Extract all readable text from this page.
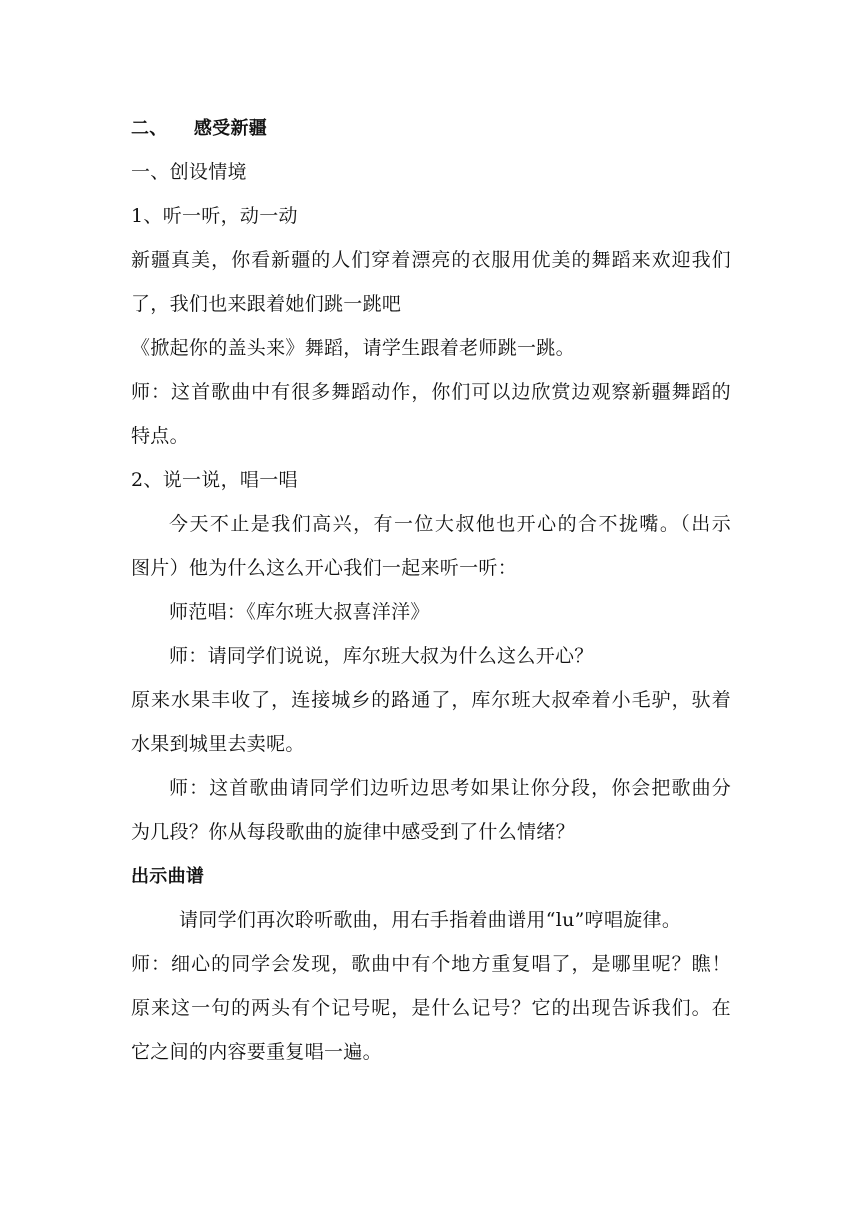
二、    感受新疆
一、创设情境
1、听一听，动一动
新疆真美，你看新疆的人们穿着漂亮的衣服用优美的舞蹈来欢迎我们
了，我们也来跟着她们跳一跳吧
《掀起你的盖头来》舞蹈，请学生跟着老师跳一跳。
师：这首歌曲中有很多舞蹈动作，你们可以边欣赏边观察新疆舞蹈的
特点。
2、说一说，唱一唱
今天不止是我们高兴，有一位大叔他也开心的合不拢嘴。（出示
图片）他为什么这么开心我们一起来听一听：
师范唱：《库尔班大叔喜洋洋》
师：请同学们说说，库尔班大叔为什么这么开心？
原来水果丰收了，连接城乡的路通了，库尔班大叔牵着小毛驴，驮着
水果到城里去卖呢。
师：这首歌曲请同学们边听边思考如果让你分段，你会把歌曲分
为几段？你从每段歌曲的旋律中感受到了什么情绪？
出示曲谱
请同学们再次聆听歌曲，用右手指着曲谱用“lu”哼唱旋律。
师：细心的同学会发现，歌曲中有个地方重复唱了，是哪里呢？瞧！
原来这一句的两头有个记号呢，是什么记号？它的出现告诉我们。在
它之间的内容要重复唱一遍。
